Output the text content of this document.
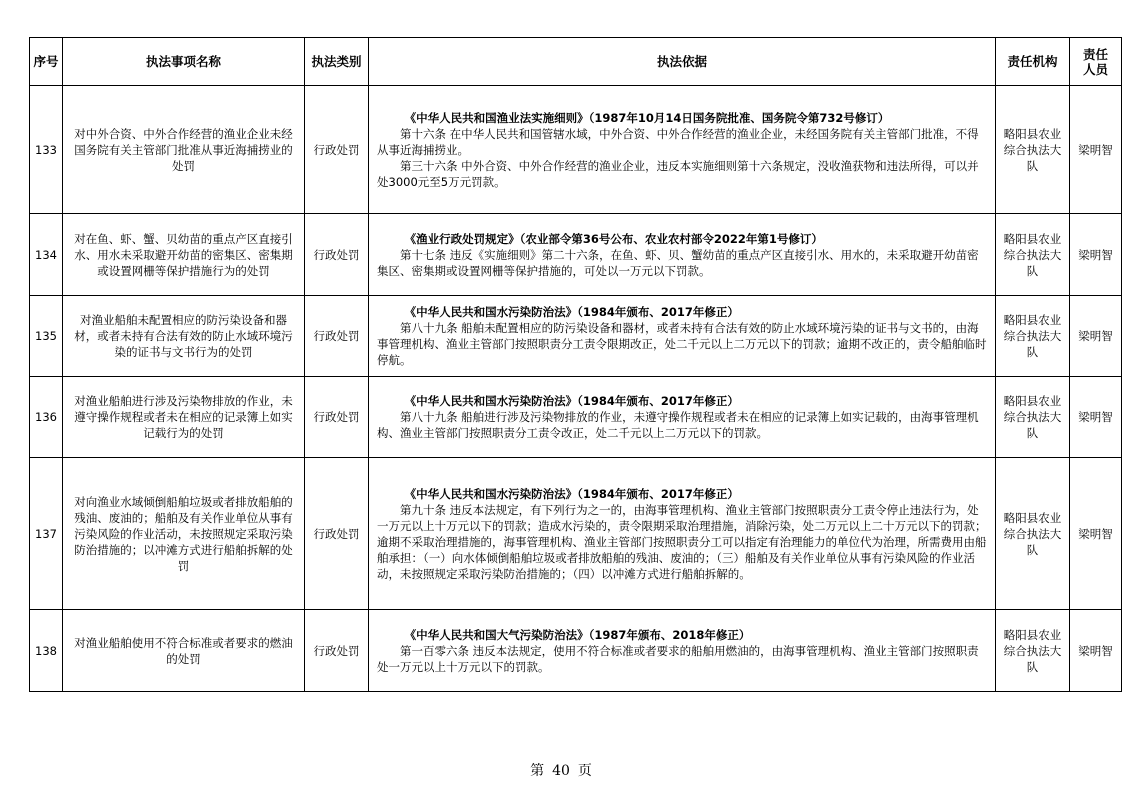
序号	执法事项名称	执法类别	执法依据	责任机构	责任人员

133	对中外合资、中外合作经营的渔业企业未经国务院有关主管部门批准从事近海捕捞业的处罚	行政处罚	《中华人民共和国渔业法实施细则》（1987年10月14日国务院批准、国务院令第732号修订）
第十六条 在中华人民共和国管辖水域，中外合资、中外合作经营的渔业企业，未经国务院有关主管部门批准，不得从事近海捕捞业。
第三十六条 中外合资、中外合作经营的渔业企业，违反本实施细则第十六条规定，没收渔获物和违法所得，可以并处3000元至5万元罚款。	略阳县农业综合执法大队	梁明智
134	对在鱼、虾、蟹、贝幼苗的重点产区直接引水、用水未采取避开幼苗的密集区、密集期或设置网栅等保护措施行为的处罚	行政处罚	《渔业行政处罚规定》（农业部令第36号公布、农业农村部令2022年第1号修订）
第十七条 违反《实施细则》第二十六条，在鱼、虾、贝、蟹幼苗的重点产区直接引水、用水的，未采取避开幼苗密集区、密集期或设置网栅等保护措施的，可处以一万元以下罚款。	略阳县农业综合执法大队	梁明智
135	对渔业船舶未配置相应的防污染设备和器材，或者未持有合法有效的防止水域环境污染的证书与文书行为的处罚	行政处罚	《中华人民共和国水污染防治法》（1984年颁布、2017年修正）
第八十九条 船舶未配置相应的防污染设备和器材，或者未持有合法有效的防止水域环境污染的证书与文书的，由海事管理机构、渔业主管部门按照职责分工责令限期改正，处二千元以上二万元以下的罚款；逾期不改正的，责令船舶临时停航。	略阳县农业综合执法大队	梁明智
136	对渔业船舶进行涉及污染物排放的作业，未遵守操作规程或者未在相应的记录簿上如实记载行为的处罚	行政处罚	《中华人民共和国水污染防治法》（1984年颁布、2017年修正）
第八十九条 船舶进行涉及污染物排放的作业，未遵守操作规程或者未在相应的记录簿上如实记载的，由海事管理机构、渔业主管部门按照职责分工责令改正，处二千元以上二万元以下的罚款。	略阳县农业综合执法大队	梁明智
137	对向渔业水域倾倒船舶垃圾或者排放船舶的残油、废油的；船舶及有关作业单位从事有污染风险的作业活动，未按照规定采取污染防治措施的；以冲滩方式进行船舶拆解的处罚	行政处罚	《中华人民共和国水污染防治法》（1984年颁布、2017年修正）
第九十条 违反本法规定，有下列行为之一的，由海事管理机构、渔业主管部门按照职责分工责令停止违法行为，处一万元以上十万元以下的罚款；造成水污染的，责令限期采取治理措施，消除污染，处二万元以上二十万元以下的罚款；逾期不采取治理措施的，海事管理机构、渔业主管部门按照职责分工可以指定有治理能力的单位代为治理，所需费用由船舶承担：（一）向水体倾倒船舶垃圾或者排放船舶的残油、废油的；（三）船舶及有关作业单位从事有污染风险的作业活动，未按照规定采取污染防治措施的；（四）以冲滩方式进行船舶拆解的。	略阳县农业综合执法大队	梁明智
138	对渔业船舶使用不符合标准或者要求的燃油的处罚	行政处罚	《中华人民共和国大气污染防治法》（1987年颁布、2018年修正）
第一百零六条 违反本法规定，使用不符合标准或者要求的船舶用燃油的，由海事管理机构、渔业主管部门按照职责处一万元以上十万元以下的罚款。	略阳县农业综合执法大队	梁明智
第 40 页
